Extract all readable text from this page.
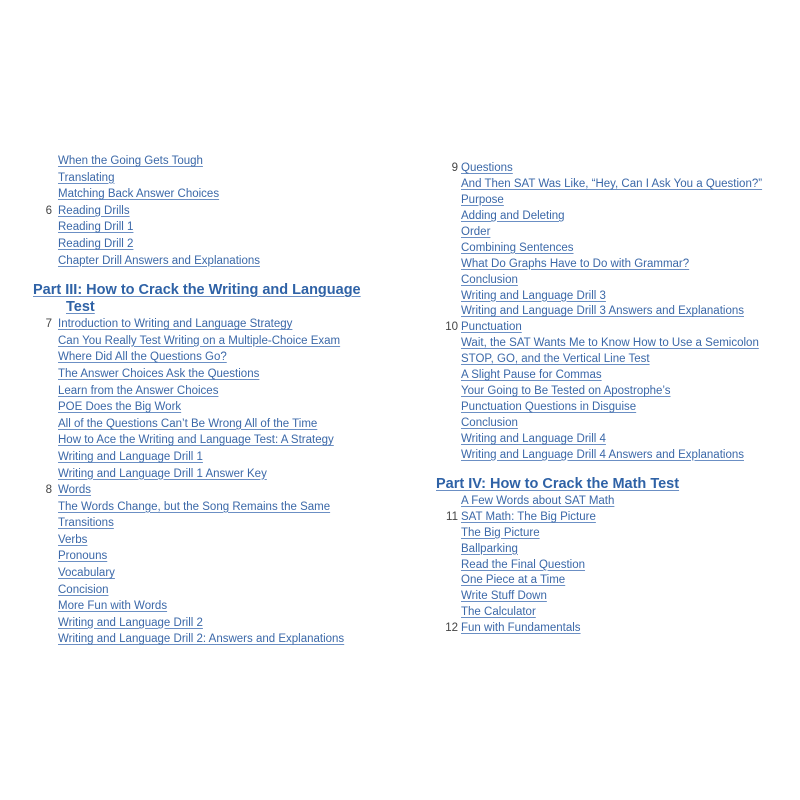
When the Going Gets Tough
Translating
Matching Back Answer Choices
6 Reading Drills
Reading Drill 1
Reading Drill 2
Chapter Drill Answers and Explanations
Part III: How to Crack the Writing and Language
Test
7 Introduction to Writing and Language Strategy
Can You Really Test Writing on a Multiple-Choice Exam
Where Did All the Questions Go?
The Answer Choices Ask the Questions
Learn from the Answer Choices
POE Does the Big Work
All of the Questions Can’t Be Wrong All of the Time
How to Ace the Writing and Language Test: A Strategy
Writing and Language Drill 1
Writing and Language Drill 1 Answer Key
8 Words
The Words Change, but the Song Remains the Same
Transitions
Verbs
Pronouns
Vocabulary
Concision
More Fun with Words
Writing and Language Drill 2
Writing and Language Drill 2: Answers and Explanations
9 Questions
And Then SAT Was Like, “Hey, Can I Ask You a Question?”
Purpose
Adding and Deleting
Order
Combining Sentences
What Do Graphs Have to Do with Grammar?
Conclusion
Writing and Language Drill 3
Writing and Language Drill 3 Answers and Explanations
10 Punctuation
Wait, the SAT Wants Me to Know How to Use a Semicolon
STOP, GO, and the Vertical Line Test
A Slight Pause for Commas
Your Going to Be Tested on Apostrophe’s
Punctuation Questions in Disguise
Conclusion
Writing and Language Drill 4
Writing and Language Drill 4 Answers and Explanations
Part IV: How to Crack the Math Test
A Few Words about SAT Math
11 SAT Math: The Big Picture
The Big Picture
Ballparking
Read the Final Question
One Piece at a Time
Write Stuff Down
The Calculator
12 Fun with Fundamentals
